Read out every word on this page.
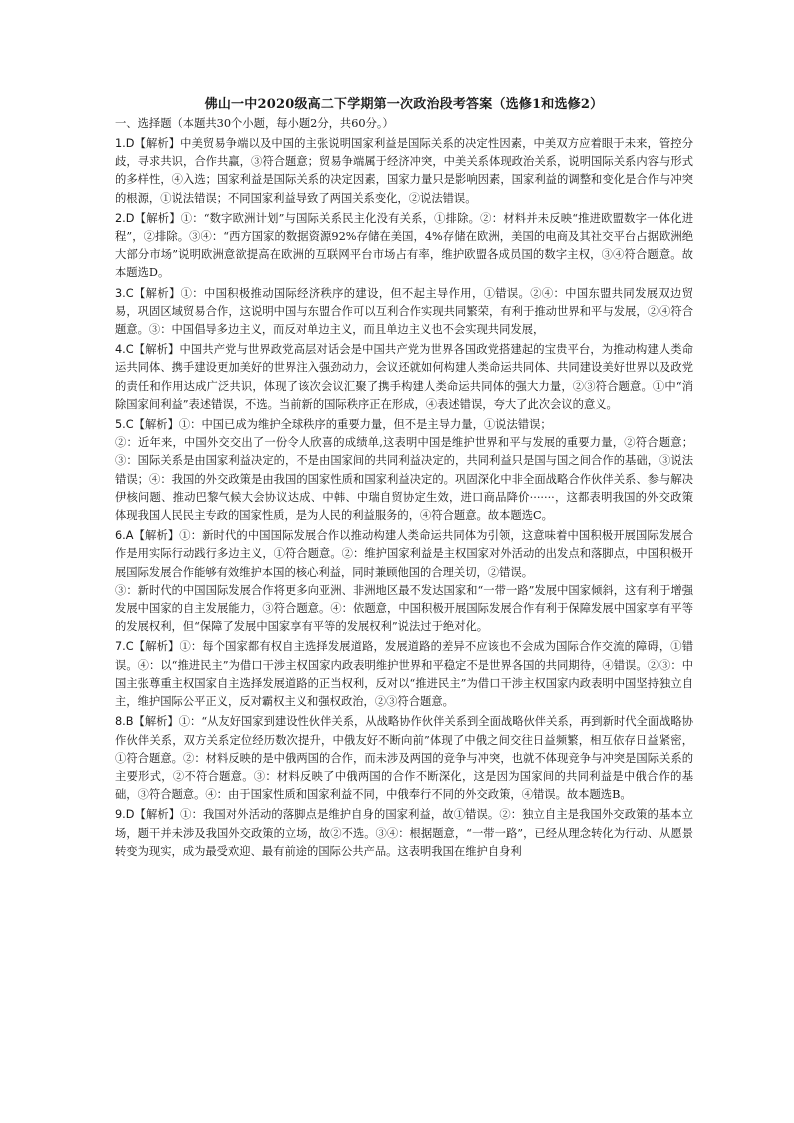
佛山一中2020级高二下学期第一次政治段考答案（选修1和选修2）
一、选择题（本题共30个小题，每小题2分，共60分。）

1.D【解析】中美贸易争端以及中国的主张说明国家利益是国际关系的决定性因素，中美双方应着眼于未来，管控分歧，寻求共识，合作共赢，③符合题意；贸易争端属于经济冲突，中美关系体现政治关系，说明国际关系内容与形式的多样性，④入选；国家利益是国际关系的决定因素，国家力量只是影响因素，国家利益的调整和变化是合作与冲突的根源，①说法错误；不同国家利益导致了两国关系变化，②说法错误。

2.D【解析】①：“数字欧洲计划”与国际关系民主化没有关系，①排除。②：材料并未反映“推进欧盟数字一体化进程”，②排除。③④：“西方国家的数据资源92%存储在美国，4%存储在欧洲，美国的电商及其社交平台占据欧洲绝大部分市场”说明欧洲意欲提高在欧洲的互联网平台市场占有率，维护欧盟各成员国的数字主权，③④符合题意。故本题选D。

3.C【解析】①：中国积极推动国际经济秩序的建设，但不起主导作用，①错误。②④：中国东盟共同发展双边贸易，巩固区域贸易合作，这说明中国与东盟合作可以互利合作实现共同繁荣，有利于推动世界和平与发展，②④符合题意。③：中国倡导多边主义，而反对单边主义，而且单边主义也不会实现共同发展，

4.C【解析】中国共产党与世界政党高层对话会是中国共产党为世界各国政党搭建起的宝贵平台，为推动构建人类命运共同体、携手建设更加美好的世界注入强劲动力，会议还就如何构建人类命运共同体、共同建设美好世界以及政党的责任和作用达成广泛共识，体现了该次会议汇聚了携手构建人类命运共同体的强大力量，②③符合题意。①中“消除国家间利益”表述错误，不选。当前新的国际秩序正在形成，④表述错误，夸大了此次会议的意义。

5.C【解析】①：中国已成为维护全球秩序的重要力量，但不是主导力量，①说法错误；

②：近年来，中国外交交出了一份令人欣喜的成绩单,这表明中国是维护世界和平与发展的重要力量，②符合题意；③：国际关系是由国家利益决定的，不是由国家间的共同利益决定的，共同利益只是国与国之间合作的基础，③说法错误；④：我国的外交政策是由我国的国家性质和国家利益决定的。巩固深化中非全面战略合作伙伴关系、参与解决伊核问题、推动巴黎气候大会协议达成、中韩、中瑞自贸协定生效，进口商品降价·······，这都表明我国的外交政策体现我国人民民主专政的国家性质，是为人民的利益服务的，④符合题意。故本题选C。

6.A【解析】①：新时代的中国国际发展合作以推动构建人类命运共同体为引领，这意味着中国积极开展国际发展合作是用实际行动践行多边主义，①符合题意。②：维护国家利益是主权国家对外活动的出发点和落脚点，中国积极开展国际发展合作能够有效维护本国的核心利益，同时兼顾他国的合理关切，②错误。

③：新时代的中国国际发展合作将更多向亚洲、非洲地区最不发达国家和“一带一路”发展中国家倾斜，这有利于增强发展中国家的自主发展能力，③符合题意。④：依题意，中国积极开展国际发展合作有利于保障发展中国家享有平等的发展权利，但“保障了发展中国家享有平等的发展权利”说法过于绝对化。

7.C【解析】①：每个国家都有权自主选择发展道路，发展道路的差异不应该也不会成为国际合作交流的障碍，①错误。④：以“推进民主”为借口干涉主权国家内政表明维护世界和平稳定不是世界各国的共同期待，④错误。②③：中国主张尊重主权国家自主选择发展道路的正当权利，反对以“推进民主”为借口干涉主权国家内政表明中国坚持独立自主，维护国际公平正义，反对霸权主义和强权政治，②③符合题意。

8.B【解析】①：“从友好国家到建设性伙伴关系，从战略协作伙伴关系到全面战略伙伴关系，再到新时代全面战略协作伙伴关系，双方关系定位经历数次提升，中俄友好不断向前”体现了中俄之间交往日益频繁，相互依存日益紧密，①符合题意。②：材料反映的是中俄两国的合作，而未涉及两国的竞争与冲突，也就不体现竞争与冲突是国际关系的主要形式，②不符合题意。③：材料反映了中俄两国的合作不断深化，这是因为国家间的共同利益是中俄合作的基础，③符合题意。④：由于国家性质和国家利益不同，中俄奉行不同的外交政策，④错误。故本题选B。

9.D【解析】①：我国对外活动的落脚点是维护自身的国家利益，故①错误。②：独立自主是我国外交政策的基本立场，题干并未涉及我国外交政策的立场，故②不选。③④：根据题意，“一带一路”，已经从理念转化为行动、从愿景转变为现实，成为最受欢迎、最有前途的国际公共产品。这表明我国在维护自身利
